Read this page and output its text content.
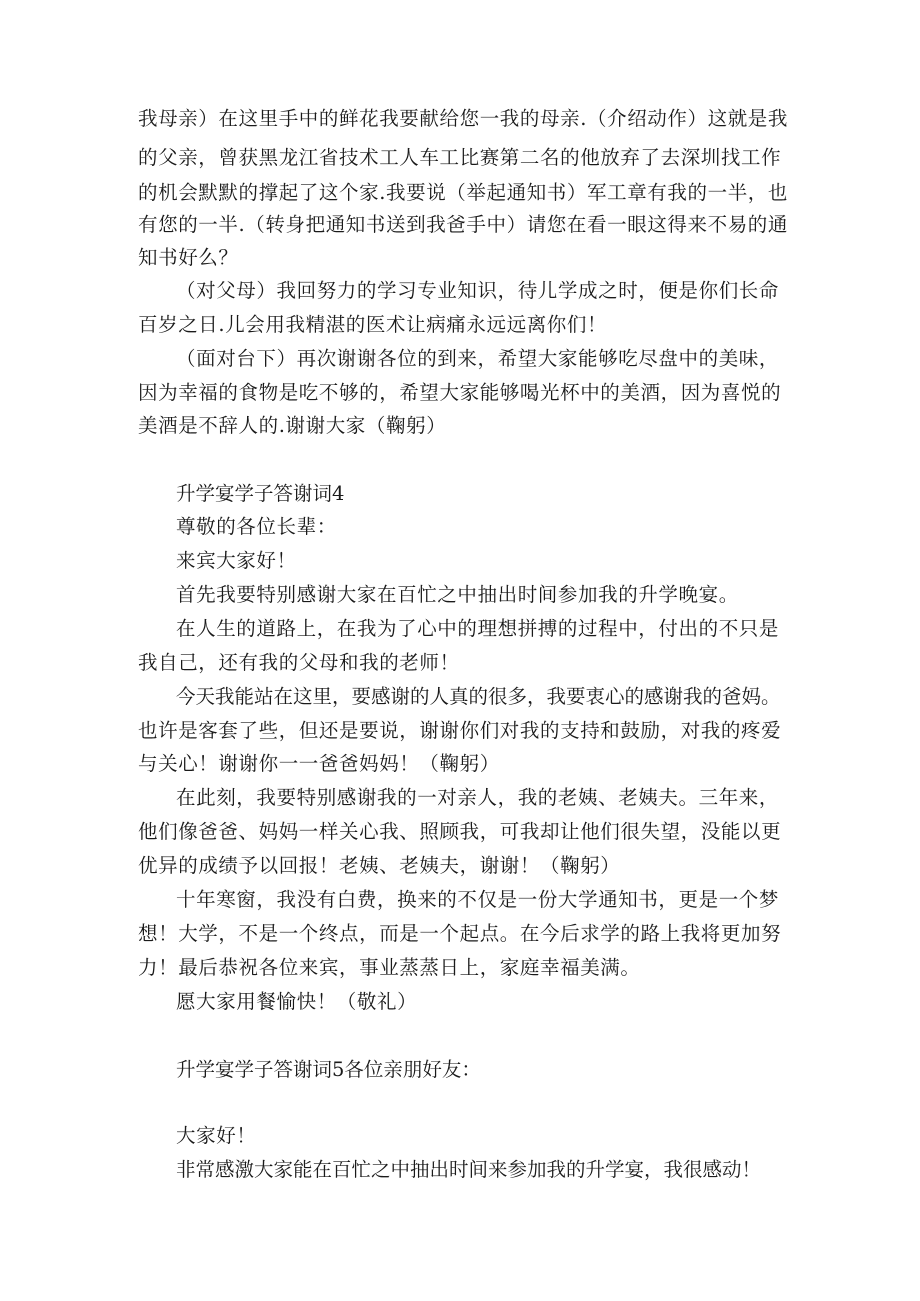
我母亲）在这里手中的鲜花我要献给您一我的母亲.（介绍动作）这就是我
的父亲，曾获黑龙江省技术工人车工比赛第二名的他放弃了去深圳找工作
的机会默默的撑起了这个家.我要说（举起通知书）军工章有我的一半，也
有您的一半.（转身把通知书送到我爸手中）请您在看一眼这得来不易的通
知书好么？
（对父母）我回努力的学习专业知识，待儿学成之时，便是你们长命
百岁之日.儿会用我精湛的医术让病痛永远远离你们！
（面对台下）再次谢谢各位的到来，希望大家能够吃尽盘中的美味，
因为幸福的食物是吃不够的，希望大家能够喝光杯中的美酒，因为喜悦的
美酒是不辞人的.谢谢大家（鞠躬）
升学宴学子答谢词4
尊敬的各位长辈：
来宾大家好！
首先我要特别感谢大家在百忙之中抽出时间参加我的升学晚宴。
在人生的道路上，在我为了心中的理想拼搏的过程中，付出的不只是
我自己，还有我的父母和我的老师！
今天我能站在这里，要感谢的人真的很多，我要衷心的感谢我的爸妈。
也许是客套了些，但还是要说，谢谢你们对我的支持和鼓励，对我的疼爱
与关心！谢谢你一一爸爸妈妈！（鞠躬）
在此刻，我要特别感谢我的一对亲人，我的老姨、老姨夫。三年来，
他们像爸爸、妈妈一样关心我、照顾我，可我却让他们很失望，没能以更
优异的成绩予以回报！老姨、老姨夫，谢谢！（鞠躬）
十年寒窗，我没有白费，换来的不仅是一份大学通知书，更是一个梦
想！大学，不是一个终点，而是一个起点。在今后求学的路上我将更加努
力！最后恭祝各位来宾，事业蒸蒸日上，家庭幸福美满。
愿大家用餐愉快！（敬礼）
升学宴学子答谢词5各位亲朋好友：
大家好！
非常感激大家能在百忙之中抽出时间来参加我的升学宴，我很感动！
